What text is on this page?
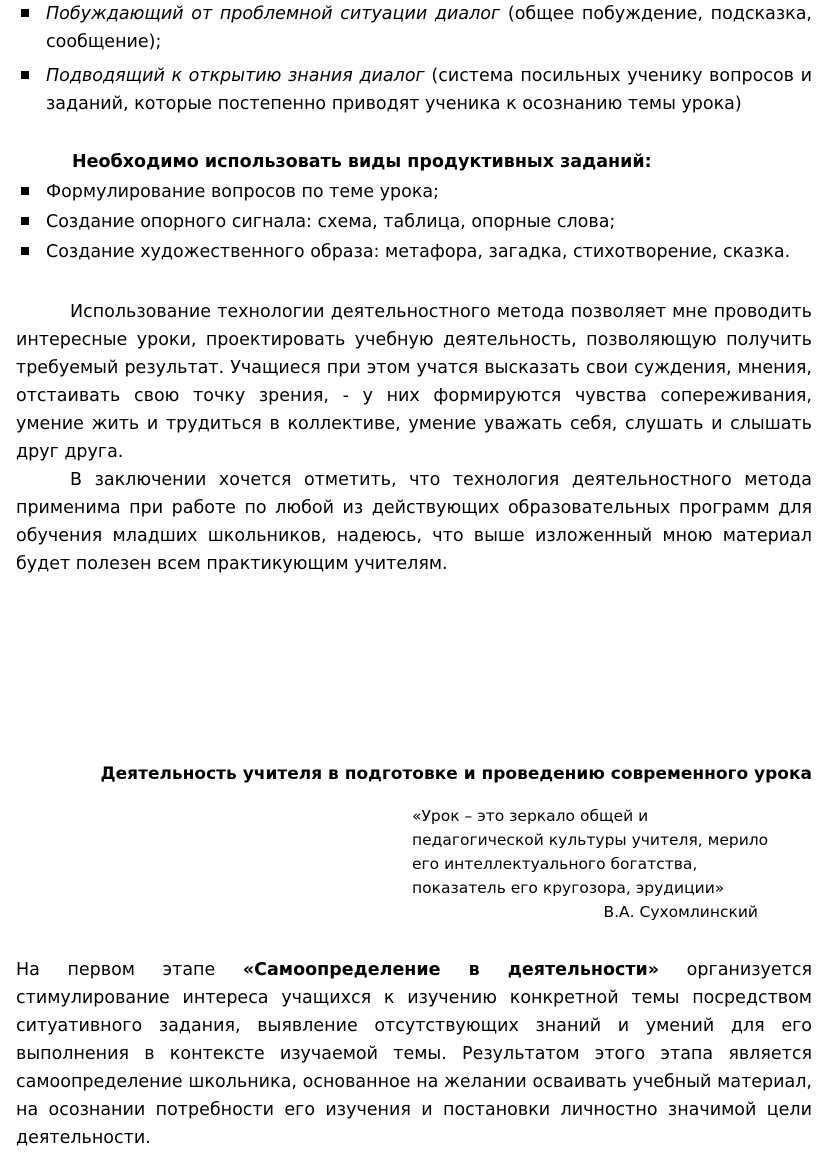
Побуждающий от проблемной ситуации диалог (общее побуждение, подсказка, сообщение);
Подводящий к открытию знания диалог (система посильных ученику вопросов и заданий, которые постепенно приводят ученика к осознанию темы урока)
Необходимо использовать виды продуктивных заданий:
Формулирование вопросов по теме урока;
Создание опорного сигнала: схема, таблица, опорные слова;
Создание художественного образа: метафора, загадка, стихотворение, сказка.
Использование технологии деятельностного метода позволяет мне проводить интересные уроки, проектировать учебную деятельность, позволяющую получить требуемый результат. Учащиеся при этом учатся высказать свои суждения, мнения, отстаивать свою точку зрения, - у них формируются чувства сопереживания, умение жить и трудиться в коллективе, умение уважать себя, слушать и слышать друг друга.
В заключении хочется отметить, что технология деятельностного метода применима при работе по любой из действующих образовательных программ для обучения младших школьников, надеюсь, что выше изложенный мною материал будет полезен всем практикующим учителям.
Деятельность учителя в подготовке и проведению современного урока
«Урок – это зеркало общей и
педагогической культуры учителя, мерило
его интеллектуального богатства,
показатель его кругозора, эрудиции»
В.А. Сухомлинский
На первом этапе «Самоопределение в деятельности» организуется стимулирование интереса учащихся к изучению конкретной темы посредством ситуативного задания, выявление отсутствующих знаний и умений для его выполнения в контексте изучаемой темы. Результатом этого этапа является самоопределение школьника, основанное на желании осваивать учебный материал, на осознании потребности его изучения и постановки личностно значимой цели деятельности.
